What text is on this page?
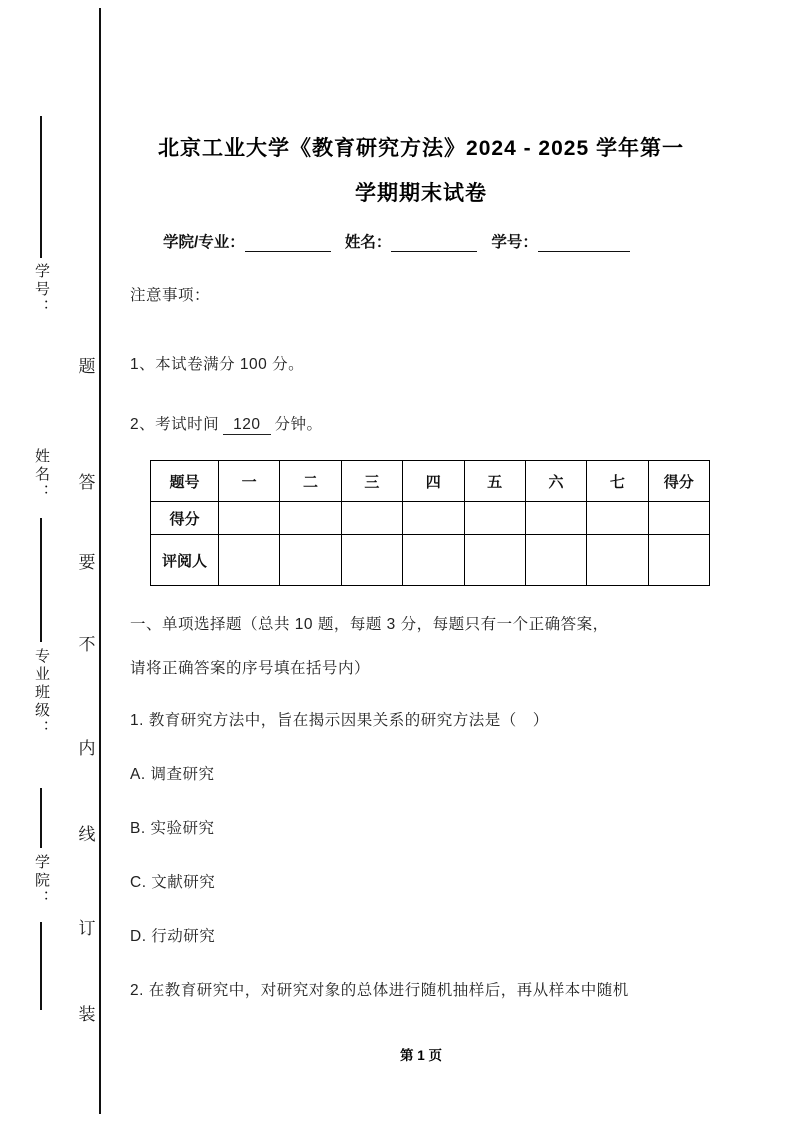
学号：
姓名：
专业班级：
学院：
题
答
要
不
内
线
订
装
北京工业大学《教育研究方法》2024 - 2025 学年第一
学期期末试卷
学院/专业：	姓名：	学号：
注意事项：
1、本试卷满分 100 分。
2、考试时间 120 分钟。
题号	一	二	三	四	五	六	七	得分
得分								
评阅人								
一、单项选择题（总共 10 题，每题 3 分，每题只有一个正确答案，
请将正确答案的序号填在括号内）
1. 教育研究方法中，旨在揭示因果关系的研究方法是（　）
A. 调查研究
B. 实验研究
C. 文献研究
D. 行动研究
2. 在教育研究中，对研究对象的总体进行随机抽样后，再从样本中随机
第 1 页
